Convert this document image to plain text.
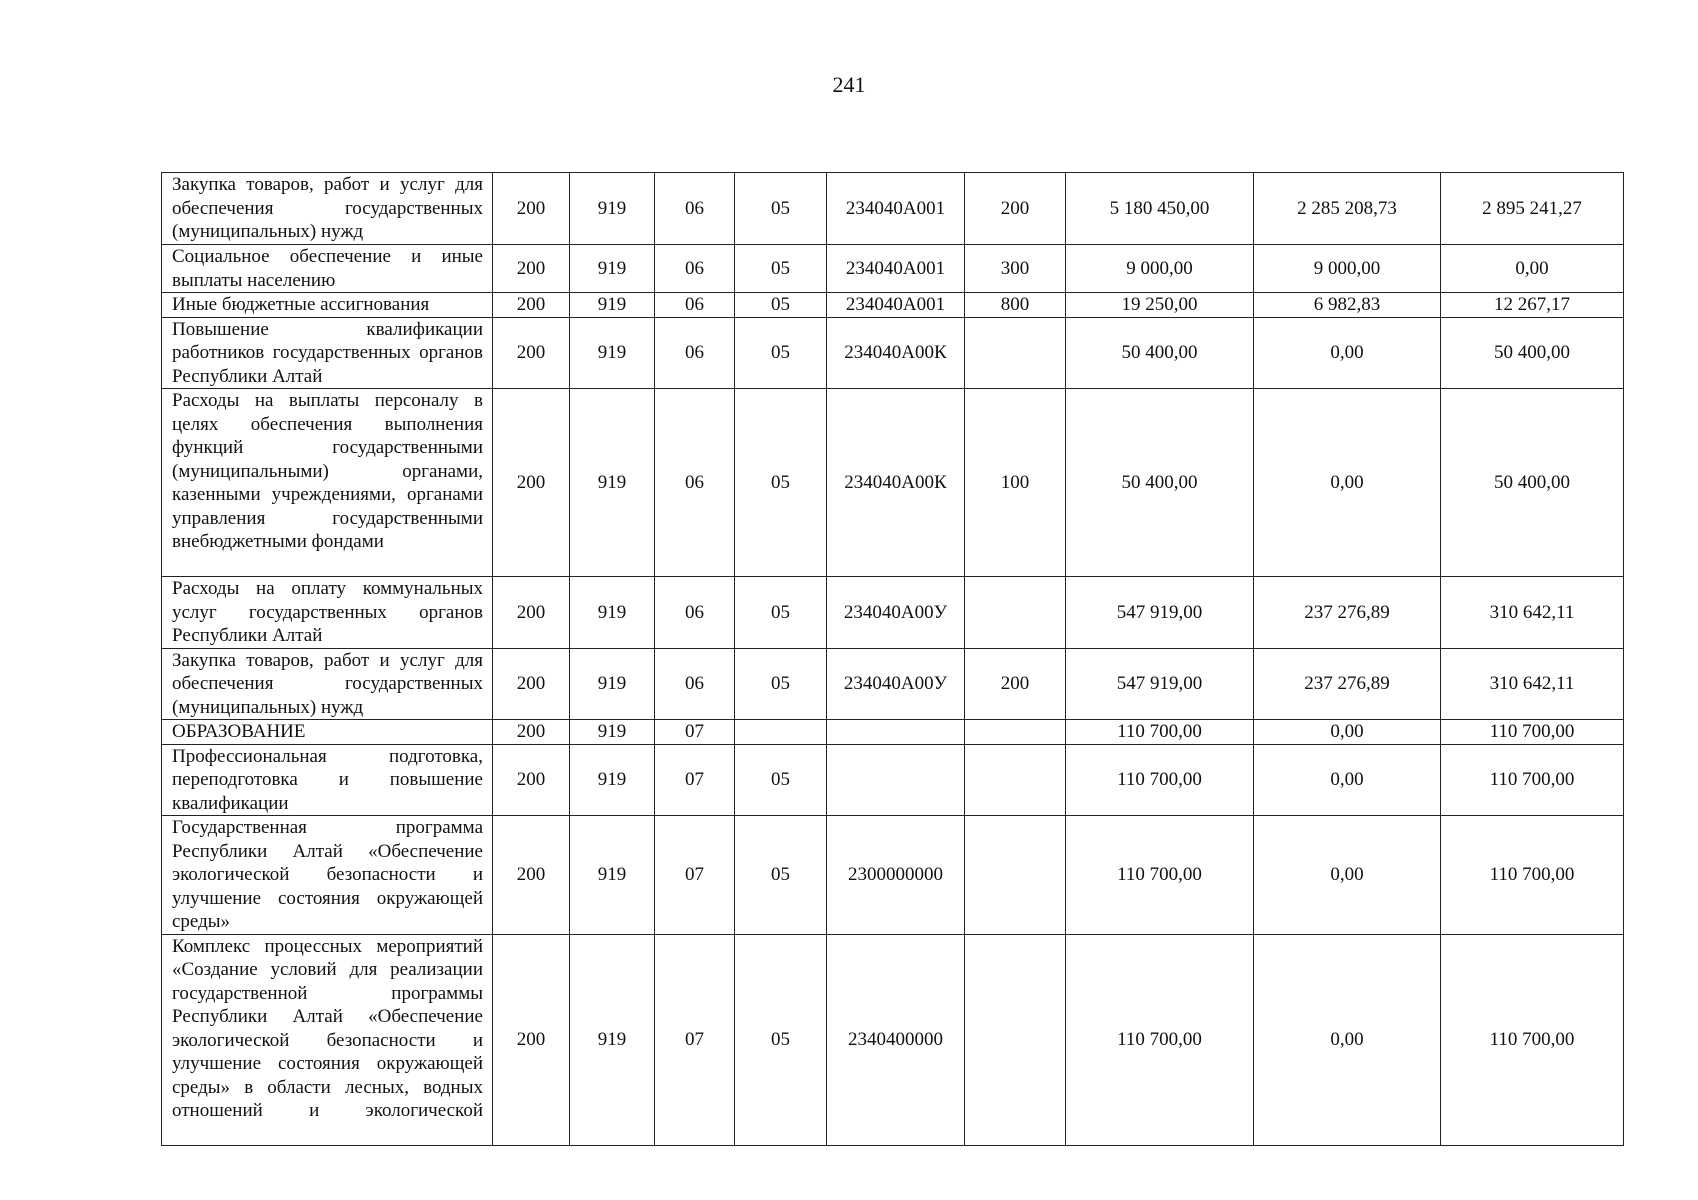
241
Закупка товаров, работ и услуг для обеспечения государственных (муниципальных) нужд	200	919	06	05	234040А001	200	5 180 450,00	2 285 208,73	2 895 241,27
Социальное обеспечение и иные выплаты населению	200	919	06	05	234040А001	300	9 000,00	9 000,00	0,00
Иные бюджетные ассигнования	200	919	06	05	234040А001	800	19 250,00	6 982,83	12 267,17
Повышение квалификации работников государственных органов Республики Алтай	200	919	06	05	234040А00К		50 400,00	0,00	50 400,00
Расходы на выплаты персоналу в целях обеспечения выполнения функций государственными (муниципальными) органами, казенными учреждениями, органами управления государственными внебюджетными фондами	200	919	06	05	234040А00К	100	50 400,00	0,00	50 400,00
Расходы на оплату коммунальных услуг государственных органов Республики Алтай	200	919	06	05	234040А00У		547 919,00	237 276,89	310 642,11
Закупка товаров, работ и услуг для обеспечения государственных (муниципальных) нужд	200	919	06	05	234040А00У	200	547 919,00	237 276,89	310 642,11
ОБРАЗОВАНИЕ	200	919	07				110 700,00	0,00	110 700,00
Профессиональная подготовка, переподготовка и повышение квалификации	200	919	07	05			110 700,00	0,00	110 700,00
Государственная программа Республики Алтай «Обеспечение экологической безопасности и улучшение состояния окружающей среды»	200	919	07	05	2300000000		110 700,00	0,00	110 700,00
Комплекс процессных мероприятий «Создание условий для реализации государственной программы Республики Алтай «Обеспечение экологической безопасности и улучшение состояния окружающей среды» в области лесных, водных отношений и экологической	200	919	07	05	2340400000		110 700,00	0,00	110 700,00
